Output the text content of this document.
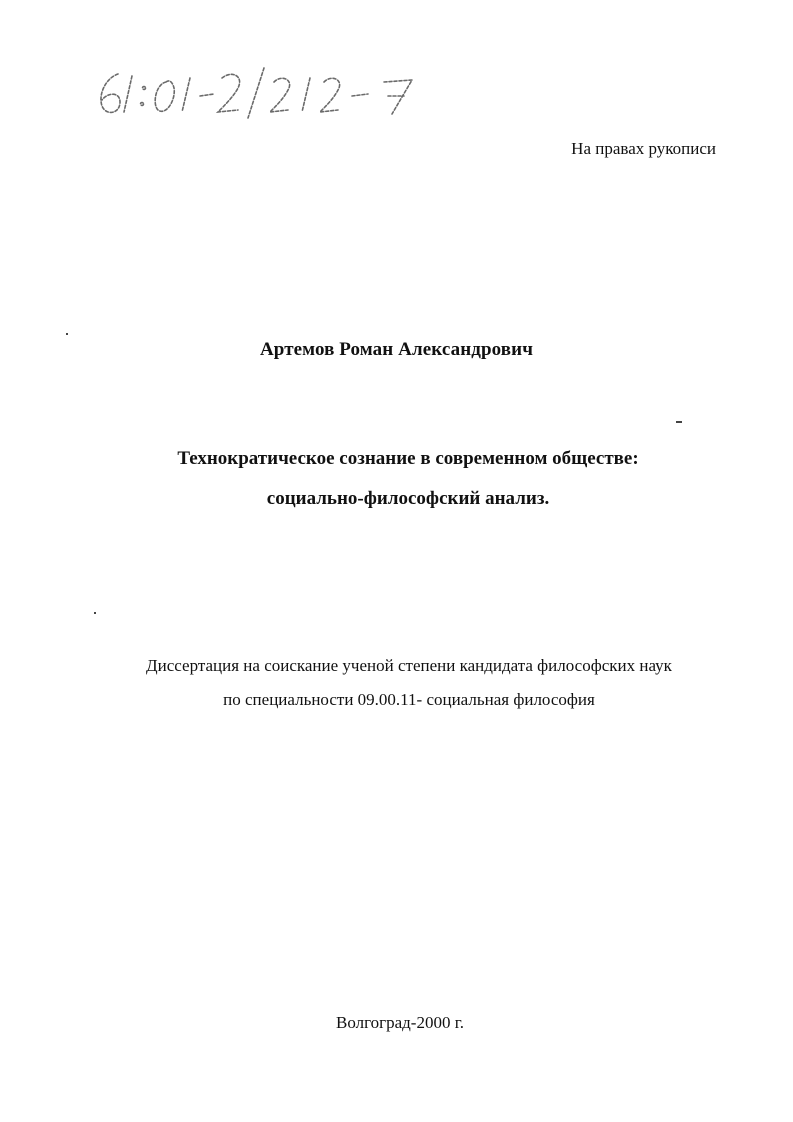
На правах рукописи
Артемов Роман Александрович
Технократическое сознание в современном обществе:
социально-философский анализ.
Диссертация на соискание ученой степени кандидата философских наук
по специальности 09.00.11- социальная философия
Волгоград-2000 г.
